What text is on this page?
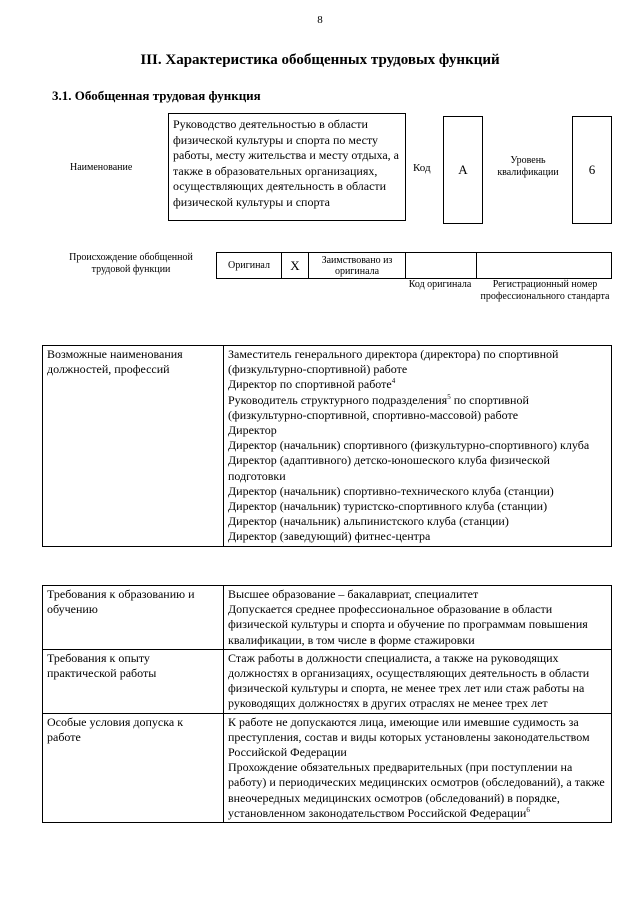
8
III. Характеристика обобщенных трудовых функций
3.1. Обобщенная трудовая функция
Наименование
Руководство деятельностью в области физической культуры и спорта по месту работы, месту жительства и месту отдыха, а также в образовательных организациях, осуществляющих деятельность в области физической культуры и спорта
Код	А
Уровень квалификации	6
Происхождение обобщенной трудовой функции	Оригинал	X	Заимствовано из оригинала		
Код оригинала	Регистрационный номер профессионального стандарта
Возможные наименования должностей, профессий	

Заместитель генерального директора (директора) по спортивной (физкультурно-спортивной) работе

Директор по спортивной работе$^4$

Руководитель структурного подразделения$^5$ по спортивной (физкультурно-спортивной, спортивно-массовой) работе

Директор

Директор (начальник) спортивного (физкультурно-спортивного) клуба

Директор (адаптивного) детско-юношеского клуба физической подготовки

Директор (начальник) спортивно-технического клуба (станции)

Директор (начальник) туристско-спортивного клуба (станции)

Директор (начальник) альпинистского клуба (станции)

Директор (заведующий) фитнес-центра

Требования к образованию и обучению	Высшее образование – бакалавриат, специалитет

Допускается среднее профессиональное образование в области физической культуры и спорта и обучение по программам повышения квалификации, в том числе в форме стажировки

Требования к опыту практической работы	Стаж работы в должности специалиста, а также на руководящих должностях в организациях, осуществляющих деятельность в области физической культуры и спорта, не менее трех лет или стаж работы на руководящих должностях в других отраслях не менее трех лет

Особые условия допуска к работе	К работе не допускаются лица, имеющие или имевшие судимость за преступления, состав и виды которых установлены законодательством Российской Федерации

Прохождение обязательных предварительных (при поступлении на работу) и периодических медицинских осмотров (обследований), а также внеочередных медицинских осмотров (обследований) в порядке, установленном законодательством Российской Федерации$^6$
